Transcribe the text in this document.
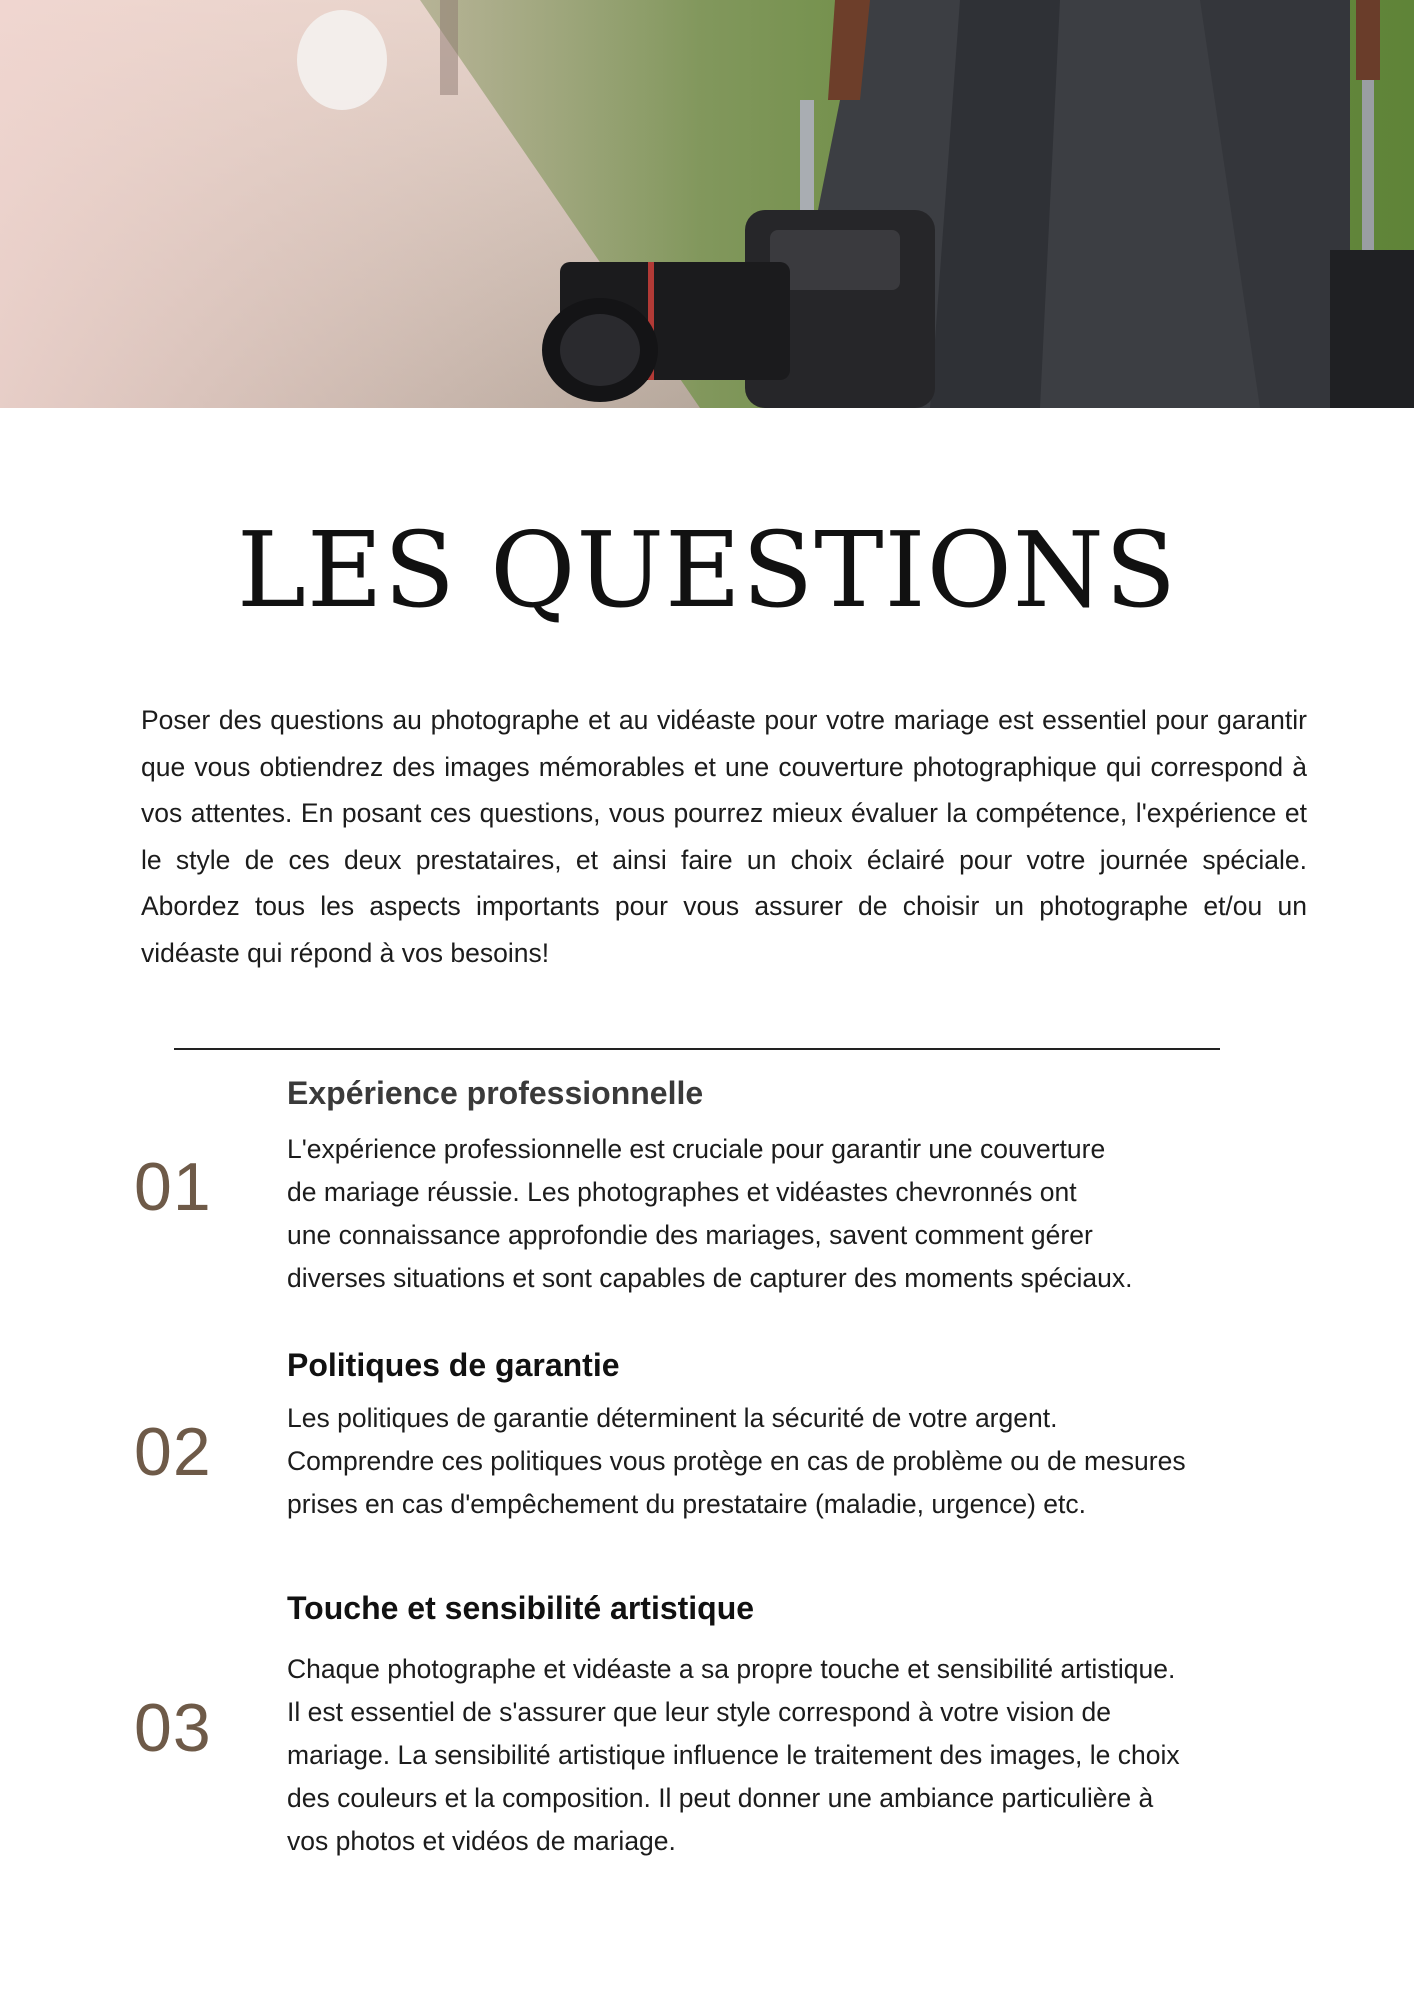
LES QUESTIONS

Poser des questions au photographe et au vidéaste pour votre mariage est essentiel pour garantir que vous obtiendrez des images mémorables et une couverture photographique qui correspond à vos attentes. En posant ces questions, vous pourrez mieux évaluer la compétence, l'expérience et le style de ces deux prestataires, et ainsi faire un choix éclairé pour votre journée spéciale. Abordez tous les aspects importants pour vous assurer de choisir un photographe et/ou un vidéaste qui répond à vos besoins!

01
Expérience professionnelle

L'expérience professionnelle est cruciale pour garantir une couverture
de mariage réussie. Les photographes et vidéastes chevronnés ont
une connaissance approfondie des mariages, savent comment gérer
diverses situations et sont capables de capturer des moments spéciaux.

02
Politiques de garantie

Les politiques de garantie déterminent la sécurité de votre argent.
Comprendre ces politiques vous protège en cas de problème ou de mesures
prises en cas d'empêchement du prestataire (maladie, urgence) etc.

03
Touche et sensibilité artistique

Chaque photographe et vidéaste a sa propre touche et sensibilité artistique.
Il est essentiel de s'assurer que leur style correspond à votre vision de
mariage. La sensibilité artistique influence le traitement des images, le choix
des couleurs et la composition. Il peut donner une ambiance particulière à
vos photos et vidéos de mariage.
